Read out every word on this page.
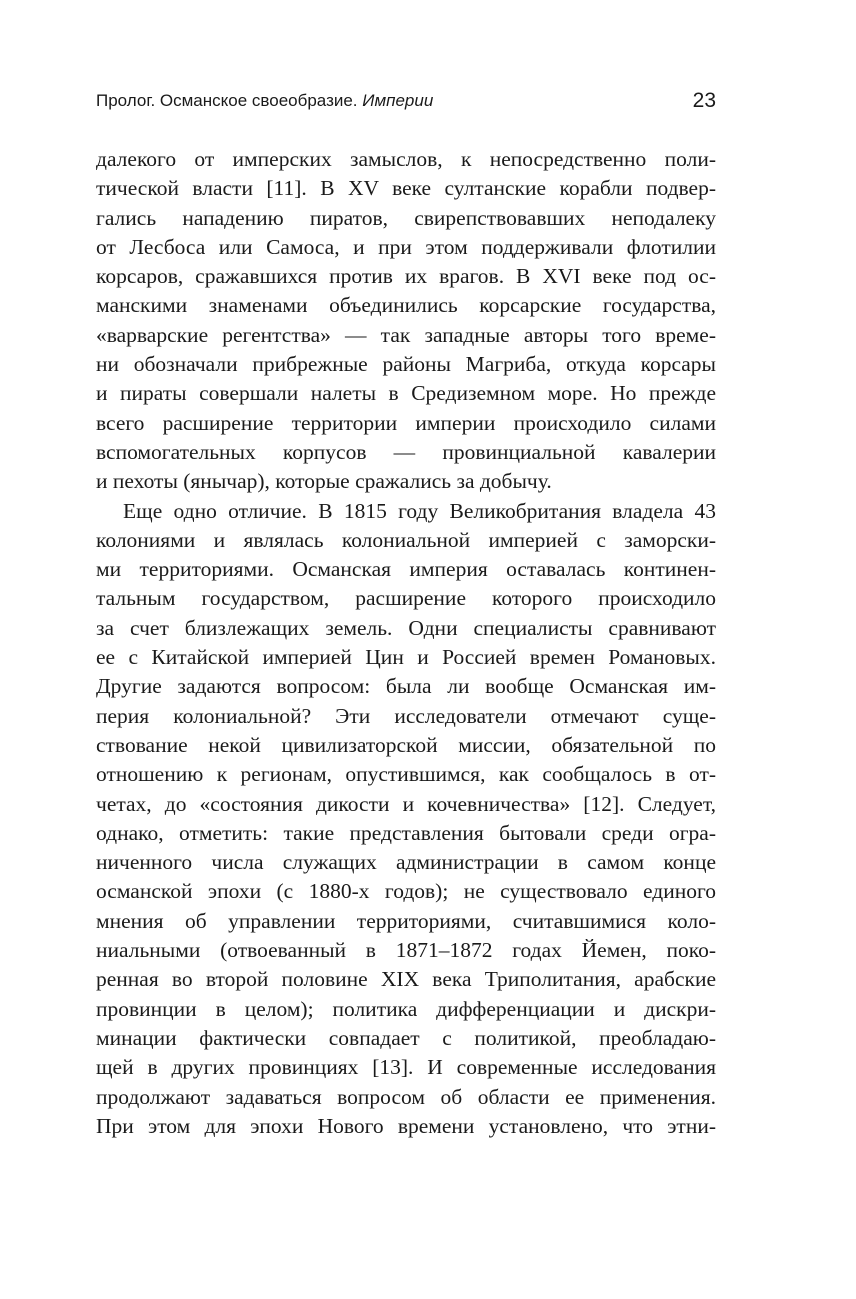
Пролог. Османское своеобразие. Империи	23
далекого от имперских замыслов, к непосредственно поли-
тической власти [11]. В XV веке султанские корабли подвер-
гались нападению пиратов, свирепствовавших неподалеку
от Лесбоса или Самоса, и при этом поддерживали флотилии
корсаров, сражавшихся против их врагов. В XVI веке под ос-
манскими знаменами объединились корсарские государства,
«варварские регентства» — так западные авторы того време-
ни обозначали прибрежные районы Магриба, откуда корсары
и пираты совершали налеты в Средиземном море. Но прежде
всего расширение территории империи происходило силами
вспомогательных корпусов — провинциальной кавалерии
и пехоты (янычар), которые сражались за добычу.
Еще одно отличие. В 1815 году Великобритания владела 43
колониями и являлась колониальной империей с заморски-
ми территориями. Османская империя оставалась континен-
тальным государством, расширение которого происходило
за счет близлежащих земель. Одни специалисты сравнивают
ее с Китайской империей Цин и Россией времен Романовых.
Другие задаются вопросом: была ли вообще Османская им-
перия колониальной? Эти исследователи отмечают суще-
ствование некой цивилизаторской миссии, обязательной по
отношению к регионам, опустившимся, как сообщалось в от-
четах, до «состояния дикости и кочевничества» [12]. Следует,
однако, отметить: такие представления бытовали среди огра-
ниченного числа служащих администрации в самом конце
османской эпохи (с 1880-х годов); не существовало единого
мнения об управлении территориями, считавшимися коло-
ниальными (отвоеванный в 1871–1872 годах Йемен, поко-
ренная во второй половине XIX века Триполитания, арабские
провинции в целом); политика дифференциации и дискри-
минации фактически совпадает с политикой, преобладаю-
щей в других провинциях [13]. И современные исследования
продолжают задаваться вопросом об области ее применения.
При этом для эпохи Нового времени установлено, что этни-
